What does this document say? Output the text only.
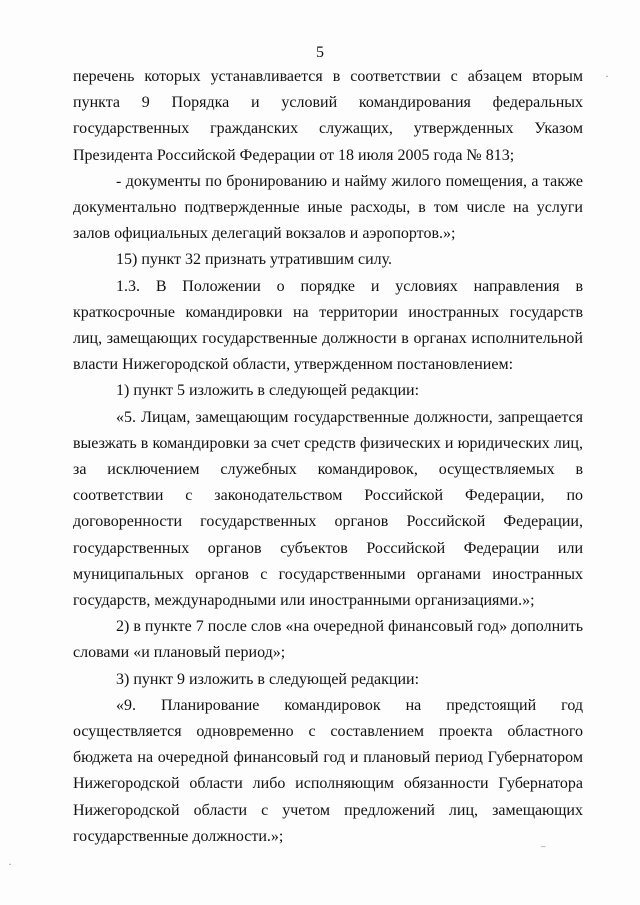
5

перечень которых устанавливается в соответствии с абзацем вторым пункта 9 Порядка и условий командирования федеральных государственных гражданских служащих, утвержденных Указом Президента Российской Федерации от 18 июля 2005 года № 813;

- документы по бронированию и найму жилого помещения, а также документально подтвержденные иные расходы, в том числе на услуги залов официальных делегаций вокзалов и аэропортов.»;

15) пункт 32 признать утратившим силу.

1.3. В Положении о порядке и условиях направления в краткосрочные командировки на территории иностранных государств лиц, замещающих государственные должности в органах исполнительной власти Нижегородской области, утвержденном постановлением:

1) пункт 5 изложить в следующей редакции:

«5. Лицам, замещающим государственные должности, запрещается выезжать в командировки за счет средств физических и юридических лиц, за исключением служебных командировок, осуществляемых в соответствии с законодательством Российской Федерации, по договоренности государственных органов Российской Федерации, государственных органов субъектов Российской Федерации или муниципальных органов с государственными органами иностранных государств, международными или иностранными организациями.»;

2) в пункте 7 после слов «на очередной финансовый год» дополнить словами «и плановый период»;

3) пункт 9 изложить в следующей редакции:

«9. Планирование командировок на предстоящий год осуществляется одновременно с составлением проекта областного бюджета на очередной финансовый год и плановый период Губернатором Нижегородской области либо исполняющим обязанности Губернатора Нижегородской области с учетом предложений лиц, замещающих государственные должности.»;

·
·
⁻
